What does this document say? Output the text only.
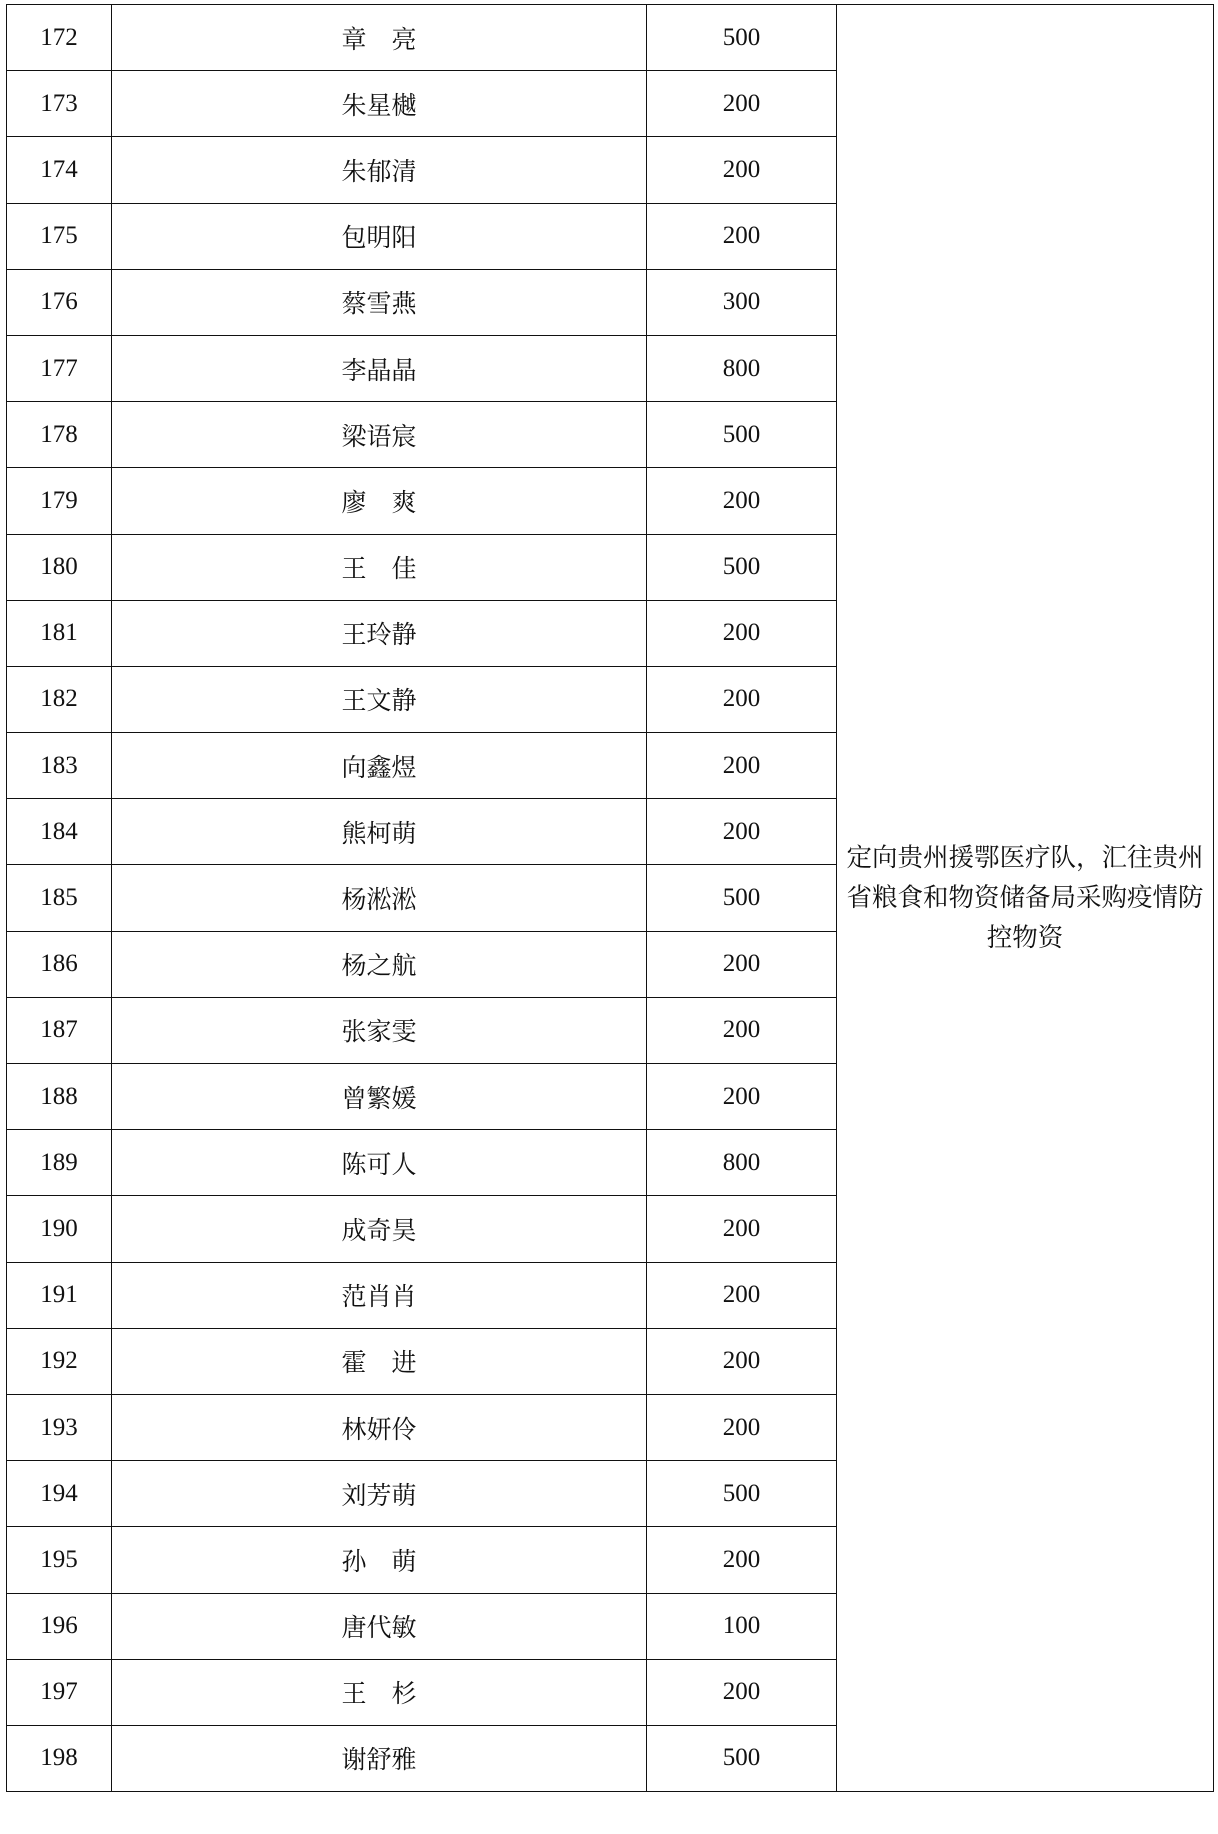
172	章　亮	500	定向贵州援鄂医疗队，汇往贵州省粮食和物资储备局采购疫情防控物资

173	朱星樾	200	
174	朱郁清	200	
175	包明阳	200	
176	蔡雪燕	300	
177	李晶晶	800	
178	梁语宸	500	
179	廖　爽	200	
180	王　佳	500	
181	王玲静	200	
182	王文静	200	
183	向鑫煜	200	
184	熊柯萌	200	
185	杨淞淞	500	
186	杨之航	200	
187	张家雯	200	
188	曾繁媛	200	
189	陈可人	800	
190	成奇昊	200	
191	范肖肖	200	
192	霍　进	200	
193	林妍伶	200	
194	刘芳萌	500	
195	孙　萌	200	
196	唐代敏	100	
197	王　杉	200	
198	谢舒雅	500	
